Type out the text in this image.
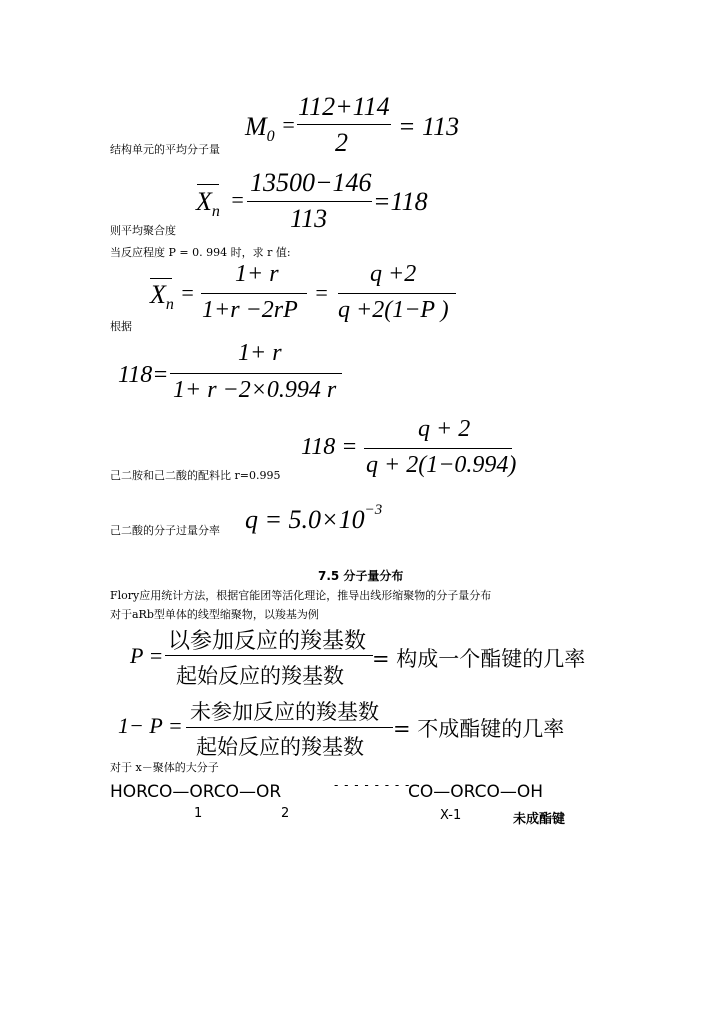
$M_0$ =
112+114
2
= 113
结构单元的平均分子量
$X_n$ =
13500−146
113
=118
则平均聚合度
当反应程度 P = 0. 994 时，求 r 值:
$X_n$ =
1+ r
1+r −2rP
=
q +2
q +2(1−P )
根据
118=
1+ r
1+ r −2×0.994 r
118 =
q + 2
q + 2(1−0.994)
己二胺和己二酸的配料比 r=0.995
$q = 5.0\times 10^{-3}$
己二酸的分子过量分率
7.5 分子量分布
Flory应用统计方法，根据官能团等活化理论，推导出线形缩聚物的分子量分布
对于aRb型单体的线型缩聚物，以羧基为例
P =
以参加反应的羧基数
起始反应的羧基数
= 构成一个酯键的几率
1− P =
未参加反应的羧基数
起始反应的羧基数
= 不成酯键的几率
对于 x－聚体的大分子
HORCO—ORCO—OR	- - - - - - - - -
CO—ORCO—OH
1	2	X-1	未成酯键
